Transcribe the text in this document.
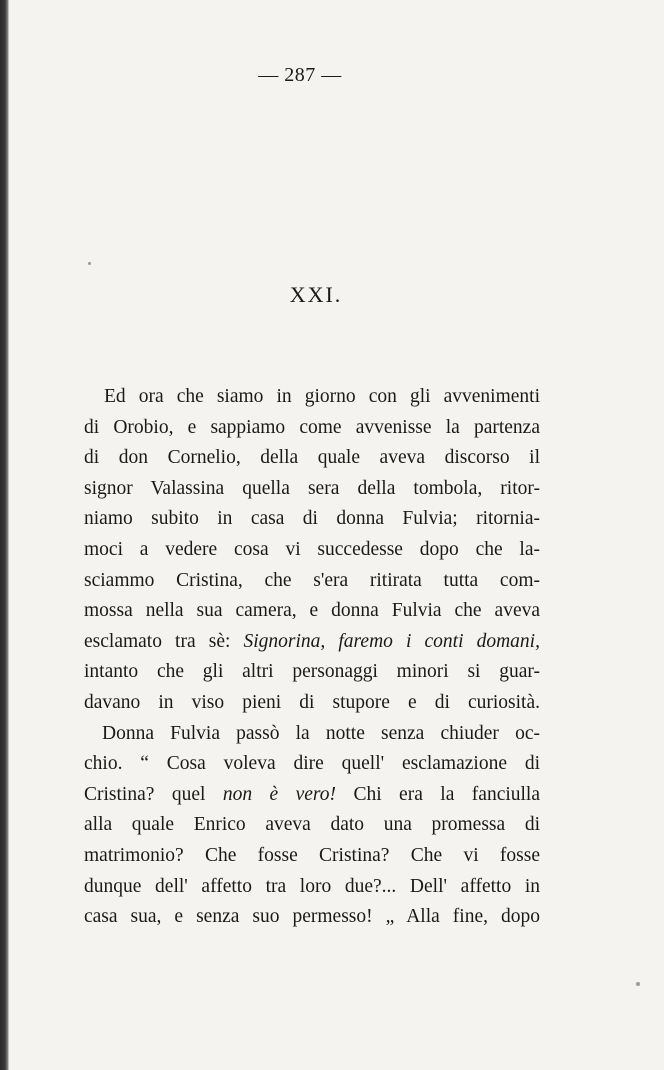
— 287 —
XXI.
Ed ora che siamo in giorno con gli avvenimenti
di Orobio, e sappiamo come avvenisse la partenza
di don Cornelio, della quale aveva discorso il
signor Valassina quella sera della tombola, ritor-
niamo subito in casa di donna Fulvia; ritornia-
moci a vedere cosa vi succedesse dopo che la-
sciammo Cristina, che s'era ritirata tutta com-
mossa nella sua camera, e donna Fulvia che aveva
esclamato tra sè: Signorina, faremo i conti domani,
intanto che gli altri personaggi minori si guar-
davano in viso pieni di stupore e di curiosità.
Donna Fulvia passò la notte senza chiuder oc-
chio. “ Cosa voleva dire quell' esclamazione di
Cristina? quel non è vero! Chi era la fanciulla
alla quale Enrico aveva dato una promessa di
matrimonio? Che fosse Cristina? Che vi fosse
dunque dell' affetto tra loro due?... Dell' affetto in
casa sua, e senza suo permesso! „ Alla fine, dopo
